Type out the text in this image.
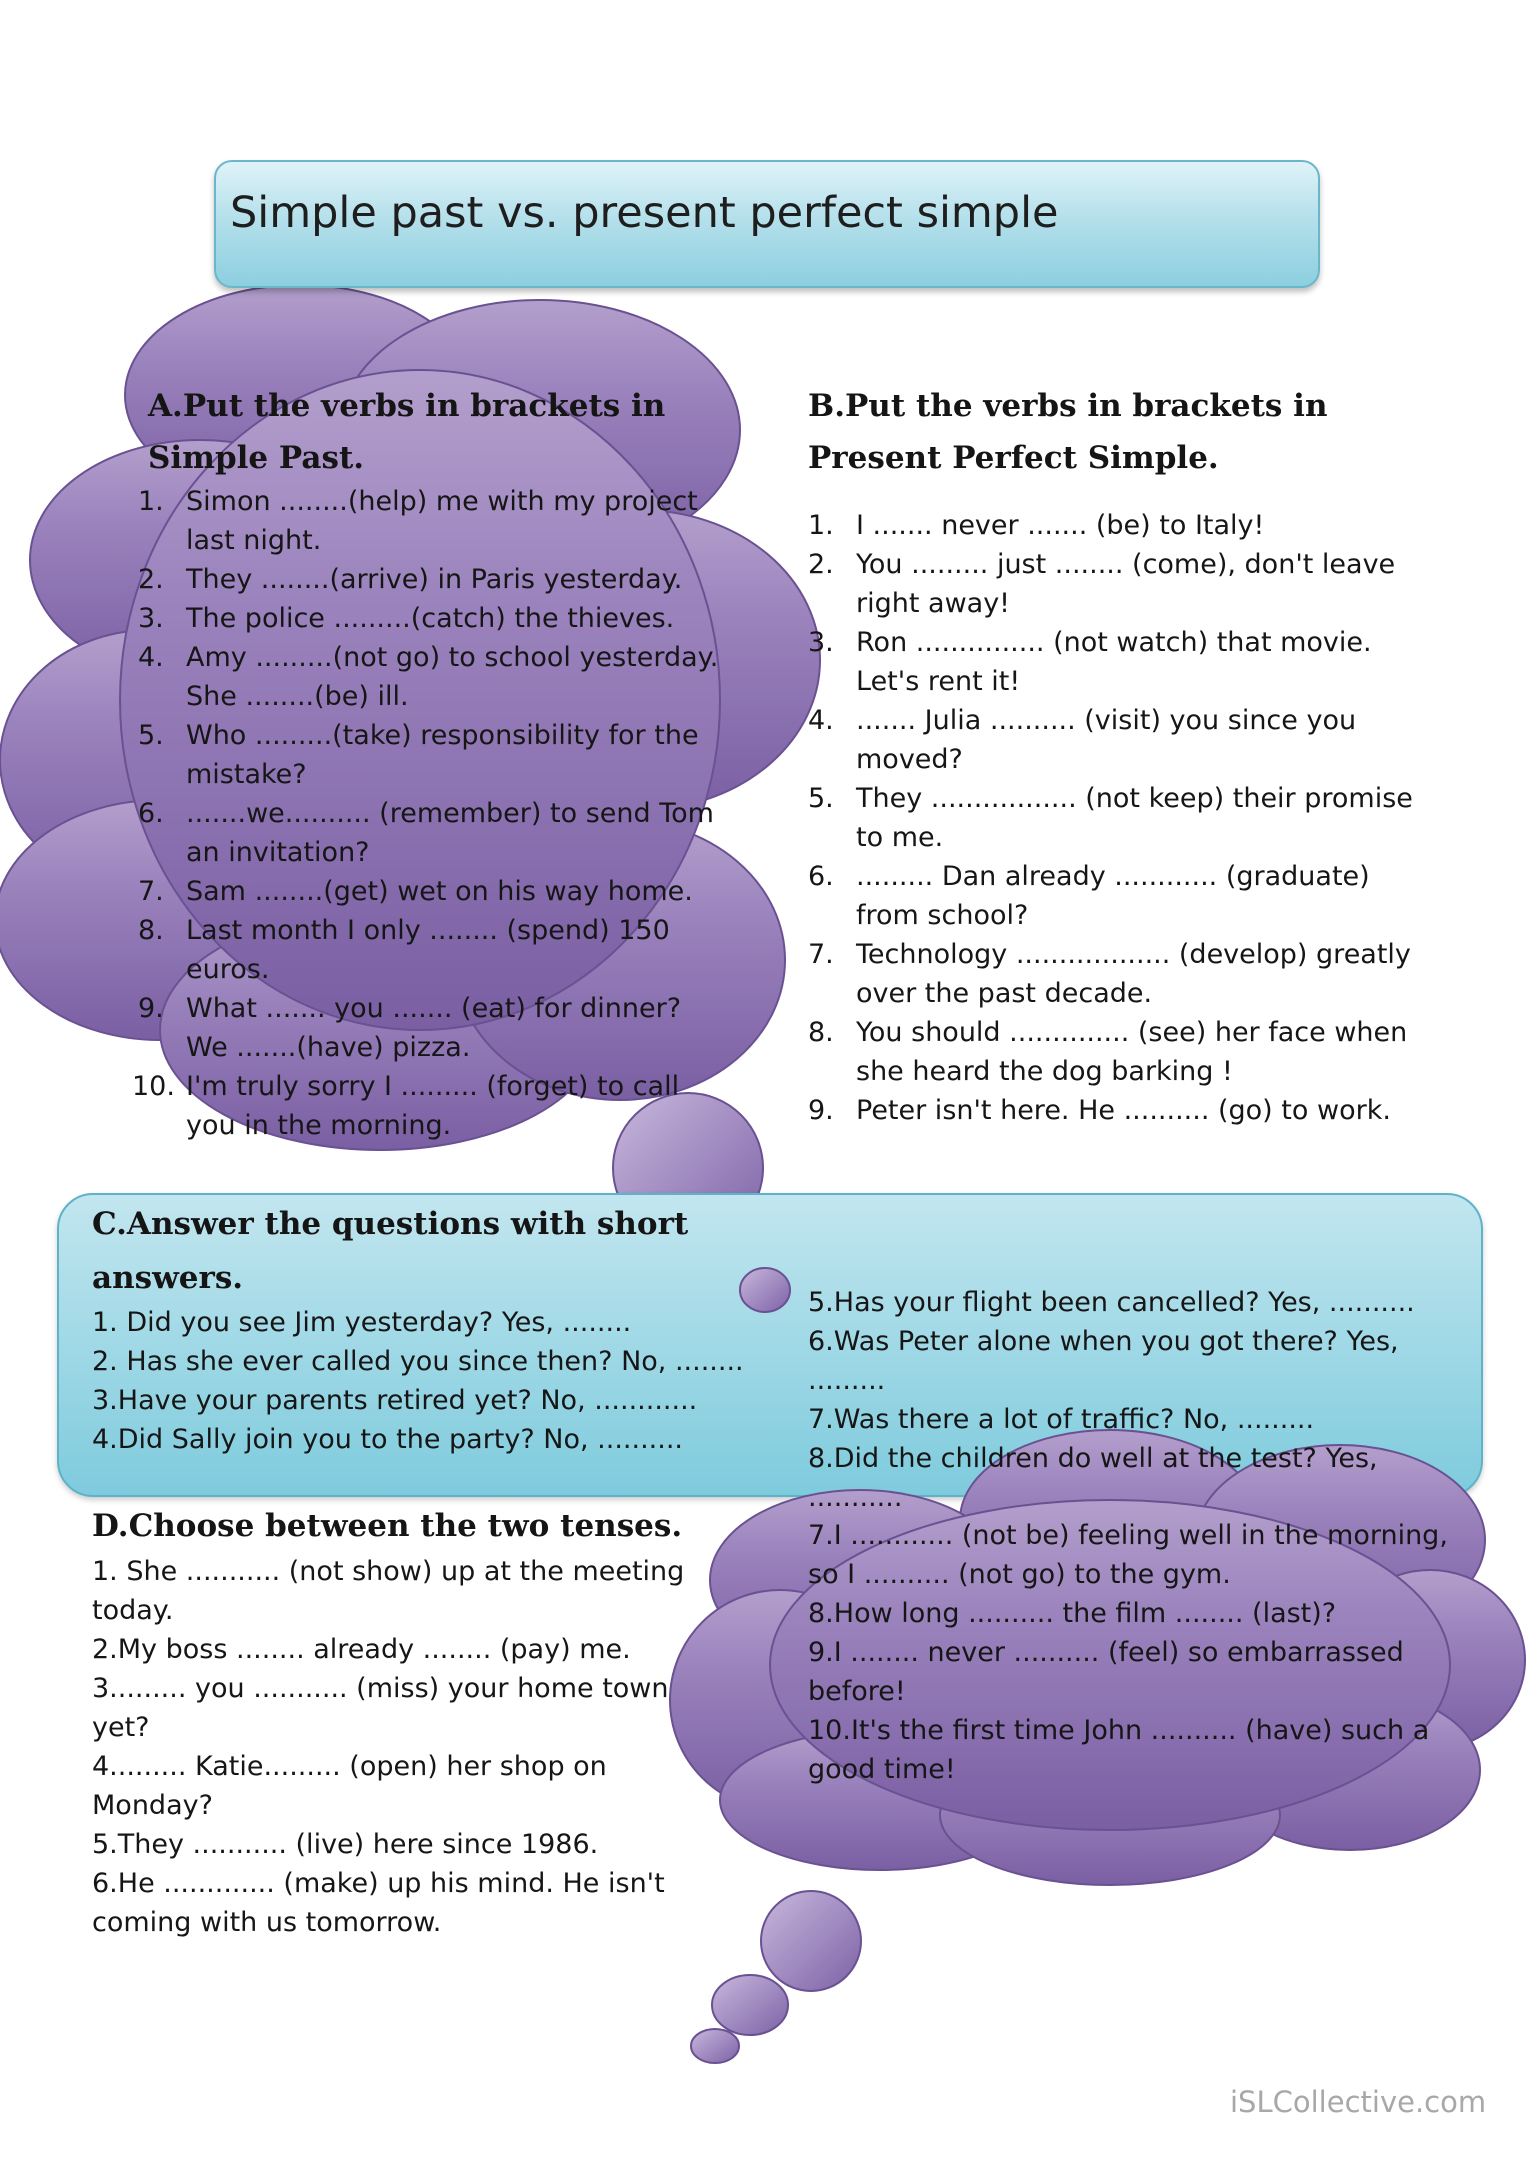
Simple past vs. present perfect simple
A.Put the verbs in brackets in
Simple Past.
1. Simon ........(help) me with my project last night.
2. They ........(arrive) in Paris yesterday.
3. The police .........(catch) the thieves.
4. Amy .........(not go) to school yesterday. She ........(be) ill.
5. Who .........(take) responsibility for the mistake?
6. .......we.......... (remember) to send Tom an invitation?
7. Sam ........(get) wet on his way home.
8. Last month I only ........ (spend) 150 euros.
9. What ....... you ....... (eat) for dinner? We .......(have) pizza.
10. I'm truly sorry I ......... (forget) to call you in the morning.
B.Put the verbs in brackets in
Present Perfect Simple.
1. I ....... never ....... (be) to Italy!
2. You ......... just ........ (come), don't leave right away!
3. Ron ............... (not watch) that movie. Let's rent it!
4. ....... Julia .......... (visit) you since you moved?
5. They ................. (not keep) their promise to me.
6. ......... Dan already ............ (graduate) from school?
7. Technology .................. (develop) greatly over the past decade.
8. You should .............. (see) her face when she heard the dog barking !
9. Peter isn't here. He .......... (go) to work.
C.Answer the questions with short
answers.
1. Did you see Jim yesterday? Yes, ........
2. Has she ever called you since then? No, ........
3.Have your parents retired yet? No, ............
4.Did Sally join you to the party? No, ..........
5.Has your flight been cancelled? Yes, ..........
6.Was Peter alone when you got there? Yes, .........
7.Was there a lot of traffic? No, .........
8.Did the children do well at the test? Yes, ...........
D.Choose between the two tenses.
1. She ........... (not show) up at the meeting today.
2.My boss ........ already ........ (pay) me.
3......... you ........... (miss) your home town yet?
4......... Katie......... (open) her shop on Monday?
5.They ........... (live) here since 1986.
6.He ............. (make) up his mind. He isn't coming with us tomorrow.
7.I ............ (not be) feeling well in the morning, so I .......... (not go) to the gym.
8.How long .......... the film ........ (last)?
9.I ........ never .......... (feel) so embarrassed before!
10.It's the first time John .......... (have) such a good time!
iSLCollective.com
